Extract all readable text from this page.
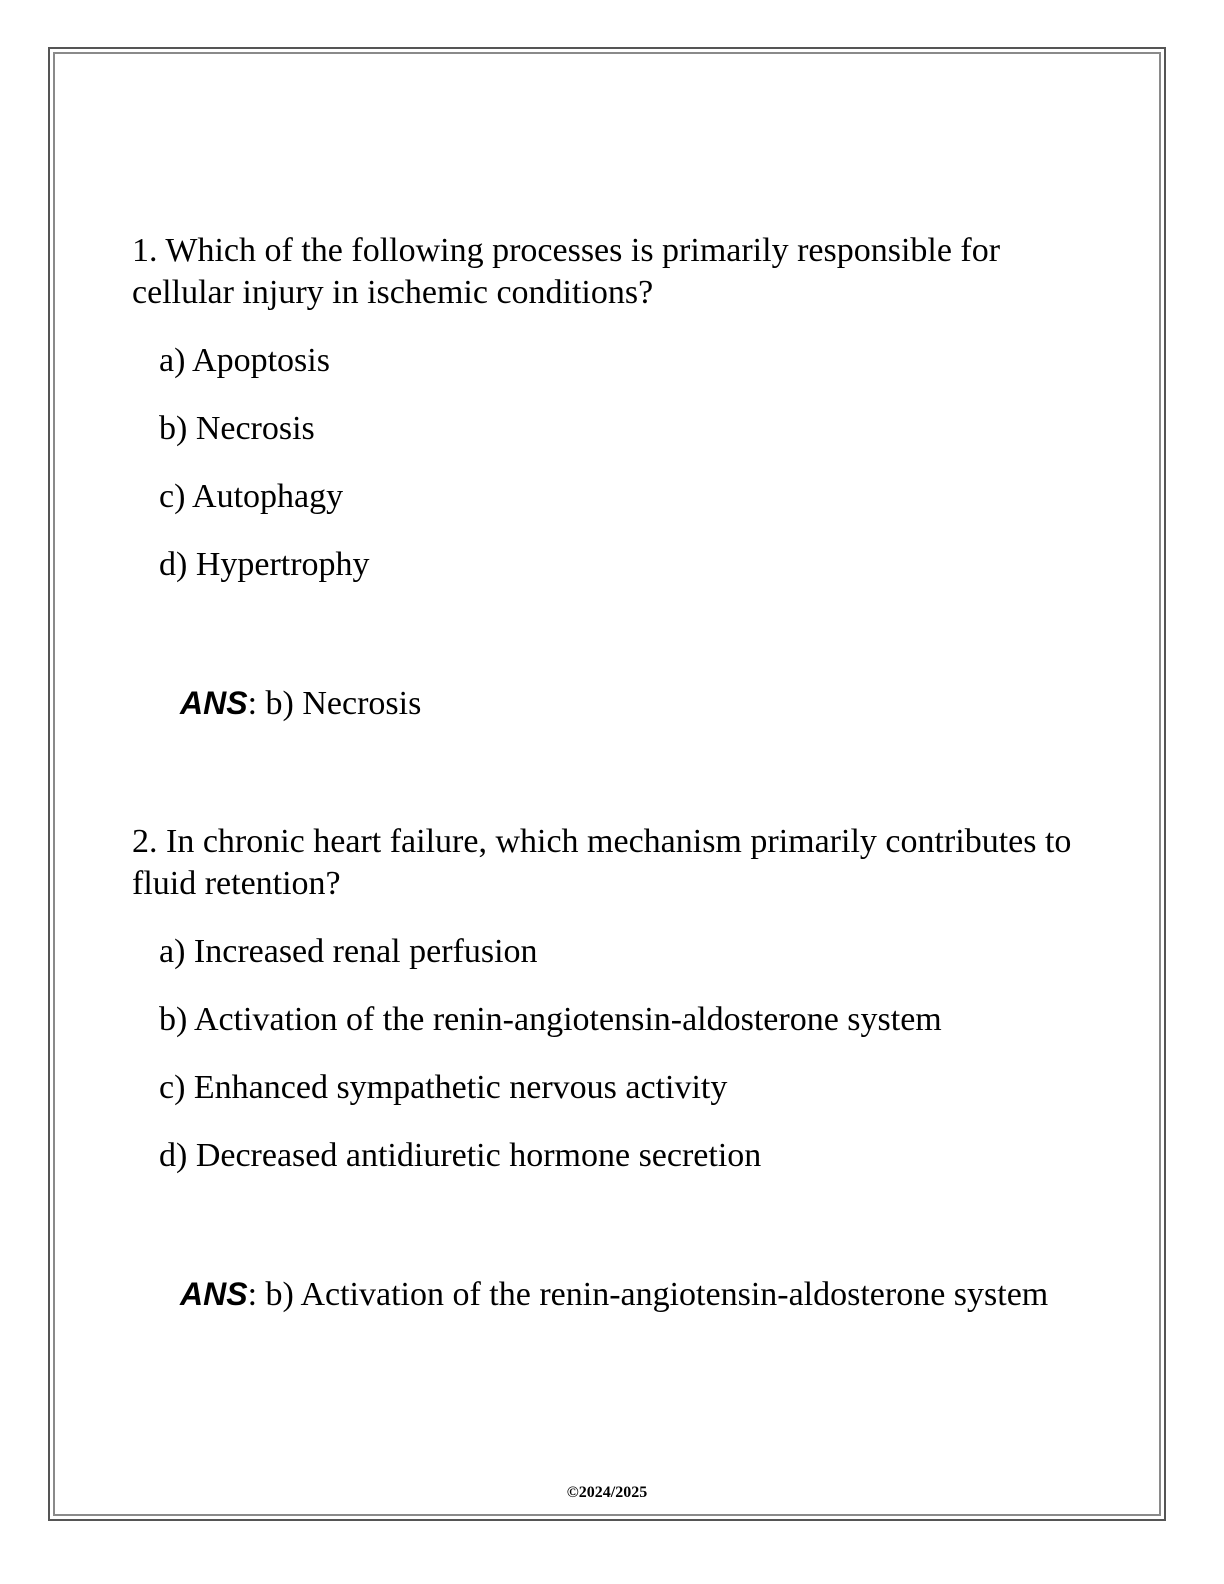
1. Which of the following processes is primarily responsible for cellular injury in ischemic conditions?

a) Apoptosis

b) Necrosis

c) Autophagy

d) Hypertrophy

ANS: b) Necrosis

2. In chronic heart failure, which mechanism primarily contributes to fluid retention?

a) Increased renal perfusion

b) Activation of the renin-angiotensin-aldosterone system

c) Enhanced sympathetic nervous activity

d) Decreased antidiuretic hormone secretion

ANS: b) Activation of the renin-angiotensin-aldosterone system

©2024/2025
